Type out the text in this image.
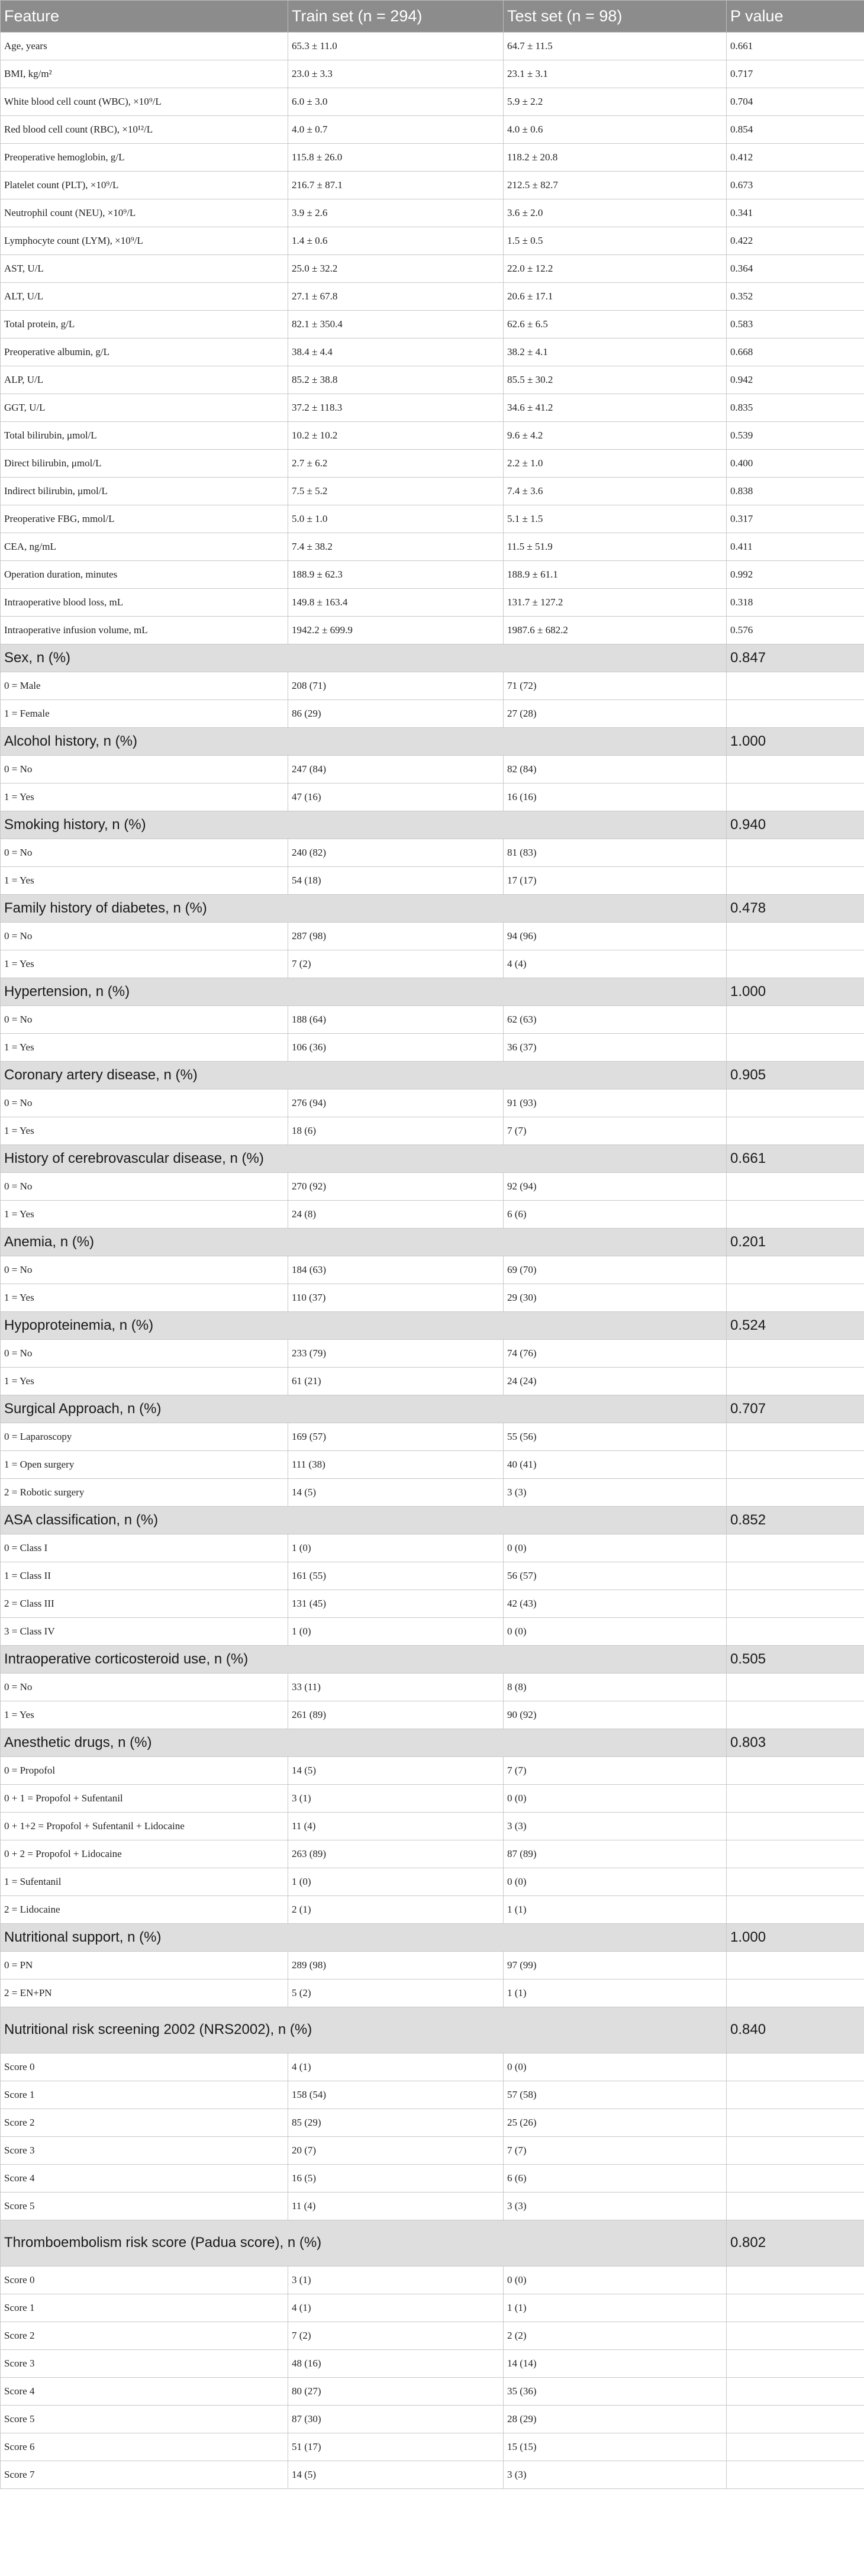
Feature	Train set (n = 294)	Test set (n = 98)	P value
Age, years	65.3 ± 11.0	64.7 ± 11.5	0.661
BMI, kg/m²	23.0 ± 3.3	23.1 ± 3.1	0.717
White blood cell count (WBC), ×10⁹/L	6.0 ± 3.0	5.9 ± 2.2	0.704
Red blood cell count (RBC), ×10¹²/L	4.0 ± 0.7	4.0 ± 0.6	0.854
Preoperative hemoglobin, g/L	115.8 ± 26.0	118.2 ± 20.8	0.412
Platelet count (PLT), ×10⁹/L	216.7 ± 87.1	212.5 ± 82.7	0.673
Neutrophil count (NEU), ×10⁹/L	3.9 ± 2.6	3.6 ± 2.0	0.341
Lymphocyte count (LYM), ×10⁹/L	1.4 ± 0.6	1.5 ± 0.5	0.422
AST, U/L	25.0 ± 32.2	22.0 ± 12.2	0.364
ALT, U/L	27.1 ± 67.8	20.6 ± 17.1	0.352
Total protein, g/L	82.1 ± 350.4	62.6 ± 6.5	0.583
Preoperative albumin, g/L	38.4 ± 4.4	38.2 ± 4.1	0.668
ALP, U/L	85.2 ± 38.8	85.5 ± 30.2	0.942
GGT, U/L	37.2 ± 118.3	34.6 ± 41.2	0.835
Total bilirubin, μmol/L	10.2 ± 10.2	9.6 ± 4.2	0.539
Direct bilirubin, μmol/L	2.7 ± 6.2	2.2 ± 1.0	0.400
Indirect bilirubin, μmol/L	7.5 ± 5.2	7.4 ± 3.6	0.838
Preoperative FBG, mmol/L	5.0 ± 1.0	5.1 ± 1.5	0.317
CEA, ng/mL	7.4 ± 38.2	11.5 ± 51.9	0.411
Operation duration, minutes	188.9 ± 62.3	188.9 ± 61.1	0.992
Intraoperative blood loss, mL	149.8 ± 163.4	131.7 ± 127.2	0.318
Intraoperative infusion volume, mL	1942.2 ± 699.9	1987.6 ± 682.2	0.576
Sex, n (%)			0.847
0 = Male	208 (71)	71 (72)	
1 = Female	86 (29)	27 (28)	
Alcohol history, n (%)			1.000
0 = No	247 (84)	82 (84)	
1 = Yes	47 (16)	16 (16)	
Smoking history, n (%)			0.940
0 = No	240 (82)	81 (83)	
1 = Yes	54 (18)	17 (17)	
Family history of diabetes, n (%)			0.478
0 = No	287 (98)	94 (96)	
1 = Yes	7 (2)	4 (4)	
Hypertension, n (%)			1.000
0 = No	188 (64)	62 (63)	
1 = Yes	106 (36)	36 (37)	
Coronary artery disease, n (%)			0.905
0 = No	276 (94)	91 (93)	
1 = Yes	18 (6)	7 (7)	
History of cerebrovascular disease, n (%)			0.661
0 = No	270 (92)	92 (94)	
1 = Yes	24 (8)	6 (6)	
Anemia, n (%)			0.201
0 = No	184 (63)	69 (70)	
1 = Yes	110 (37)	29 (30)	
Hypoproteinemia, n (%)			0.524
0 = No	233 (79)	74 (76)	
1 = Yes	61 (21)	24 (24)	
Surgical Approach, n (%)			0.707
0 = Laparoscopy	169 (57)	55 (56)	
1 = Open surgery	111 (38)	40 (41)	
2 = Robotic surgery	14 (5)	3 (3)	
ASA classification, n (%)			0.852
0 = Class I	1 (0)	0 (0)	
1 = Class II	161 (55)	56 (57)	
2 = Class III	131 (45)	42 (43)	
3 = Class IV	1 (0)	0 (0)	
Intraoperative corticosteroid use, n (%)			0.505
0 = No	33 (11)	8 (8)	
1 = Yes	261 (89)	90 (92)	
Anesthetic drugs, n (%)			0.803
0 = Propofol	14 (5)	7 (7)	
0 + 1 = Propofol + Sufentanil	3 (1)	0 (0)	
0 + 1+2 = Propofol + Sufentanil + Lidocaine	11 (4)	3 (3)	
0 + 2 = Propofol + Lidocaine	263 (89)	87 (89)	
1 = Sufentanil	1 (0)	0 (0)	
2 = Lidocaine	2 (1)	1 (1)	
Nutritional support, n (%)			1.000
0 = PN	289 (98)	97 (99)	
2 = EN+PN	5 (2)	1 (1)	
Nutritional risk screening 2002 (NRS2002), n (%)			0.840
Score 0	4 (1)	0 (0)	
Score 1	158 (54)	57 (58)	
Score 2	85 (29)	25 (26)	
Score 3	20 (7)	7 (7)	
Score 4	16 (5)	6 (6)	
Score 5	11 (4)	3 (3)	
Thromboembolism risk score (Padua score), n (%)			0.802
Score 0	3 (1)	0 (0)	
Score 1	4 (1)	1 (1)	
Score 2	7 (2)	2 (2)	
Score 3	48 (16)	14 (14)	
Score 4	80 (27)	35 (36)	
Score 5	87 (30)	28 (29)	
Score 6	51 (17)	15 (15)	
Score 7	14 (5)	3 (3)	
